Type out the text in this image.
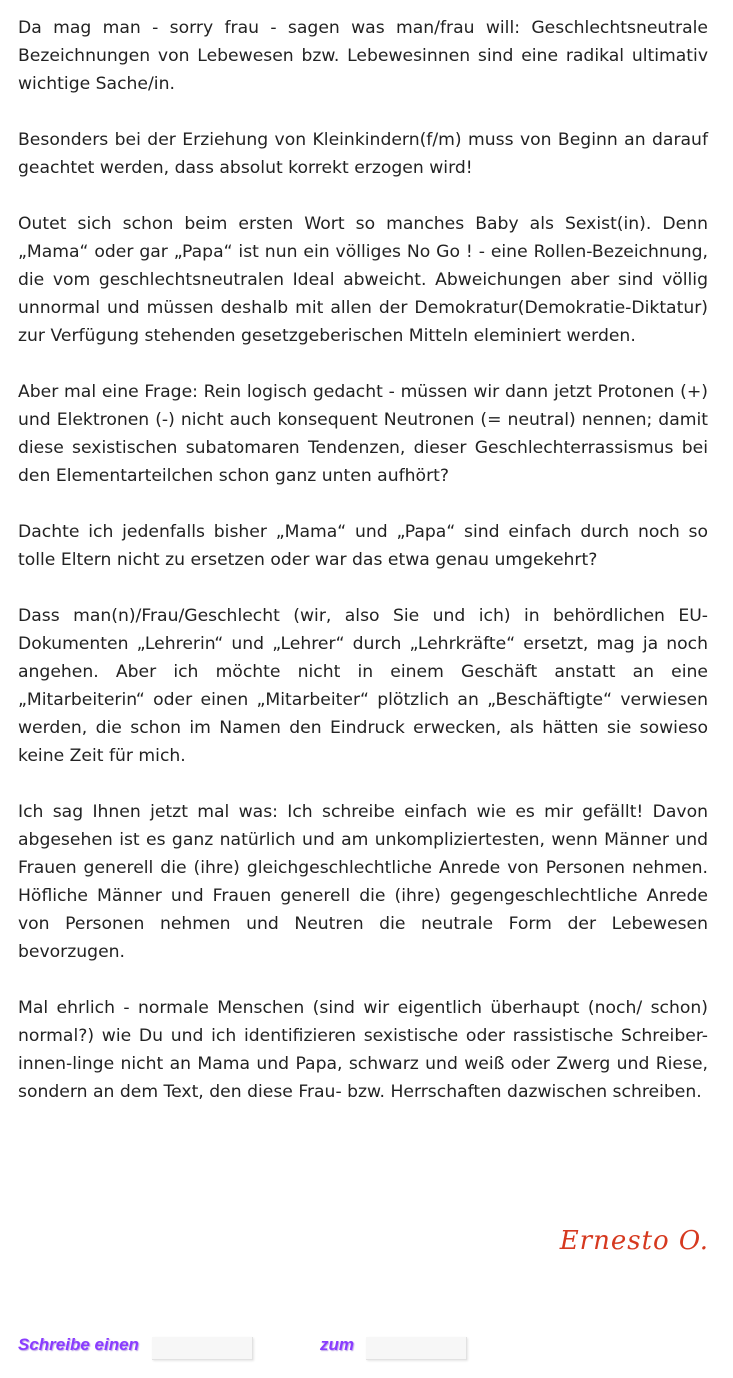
Da mag man - sorry frau - sagen was man/frau will: Geschlechtsneutrale Bezeichnungen von Lebewesen bzw. Lebewesinnen sind eine radikal ultimativ wichtige Sache/in.

Besonders bei der Erziehung von Kleinkindern(f/m) muss von Beginn an darauf geachtet werden, dass absolut korrekt erzogen wird!

Outet sich schon beim ersten Wort so manches Baby als Sexist(in). Denn „Mama“ oder gar „Papa“ ist nun ein völliges No Go ! - eine Rollen-Bezeichnung, die vom geschlechtsneutralen Ideal abweicht. Abweichungen aber sind völlig unnormal und müssen deshalb mit allen der Demokratur(Demokratie-Diktatur) zur Verfügung stehenden gesetzgeberischen Mitteln eleminiert werden.

Aber mal eine Frage: Rein logisch gedacht - müssen wir dann jetzt Protonen (+) und Elektronen (-) nicht auch konsequent Neutronen (= neutral) nennen; damit diese sexistischen subatomaren Tendenzen, dieser Geschlechterrassismus bei den Elementarteilchen schon ganz unten aufhört?

Dachte ich jedenfalls bisher „Mama“ und „Papa“ sind einfach durch noch so tolle Eltern nicht zu ersetzen oder war das etwa genau umgekehrt?

Dass man(n)/Frau/Geschlecht (wir, also Sie und ich) in behördlichen EU-Dokumenten „Lehrerin“ und „Lehrer“ durch „Lehrkräfte“ ersetzt, mag ja noch angehen. Aber ich möchte nicht in einem Geschäft anstatt an eine „Mitarbeiterin“ oder einen „Mitarbeiter“ plötzlich an „Beschäftigte“ verwiesen werden, die schon im Namen den Eindruck erwecken, als hätten sie sowieso keine Zeit für mich.

Ich sag Ihnen jetzt mal was: Ich schreibe einfach wie es mir gefällt! Davon abgesehen ist es ganz natürlich und am unkompliziertesten, wenn Männer und Frauen generell die (ihre) gleichgeschlechtliche Anrede von Personen nehmen. Höfliche Männer und Frauen generell die (ihre) gegengeschlechtliche Anrede von Personen nehmen und Neutren die neutrale Form der Lebewesen bevorzugen.

Mal ehrlich - normale Menschen (sind wir eigentlich überhaupt (noch/ schon) normal?) wie Du und ich identifizieren sexistische oder rassistische Schreiber-innen-linge nicht an Mama und Papa, schwarz und weiß oder Zwerg und Riese, sondern an dem Text, den diese Frau- bzw. Herrschaften dazwischen schreiben.

Ernesto O.
Schreibe einen	zum
